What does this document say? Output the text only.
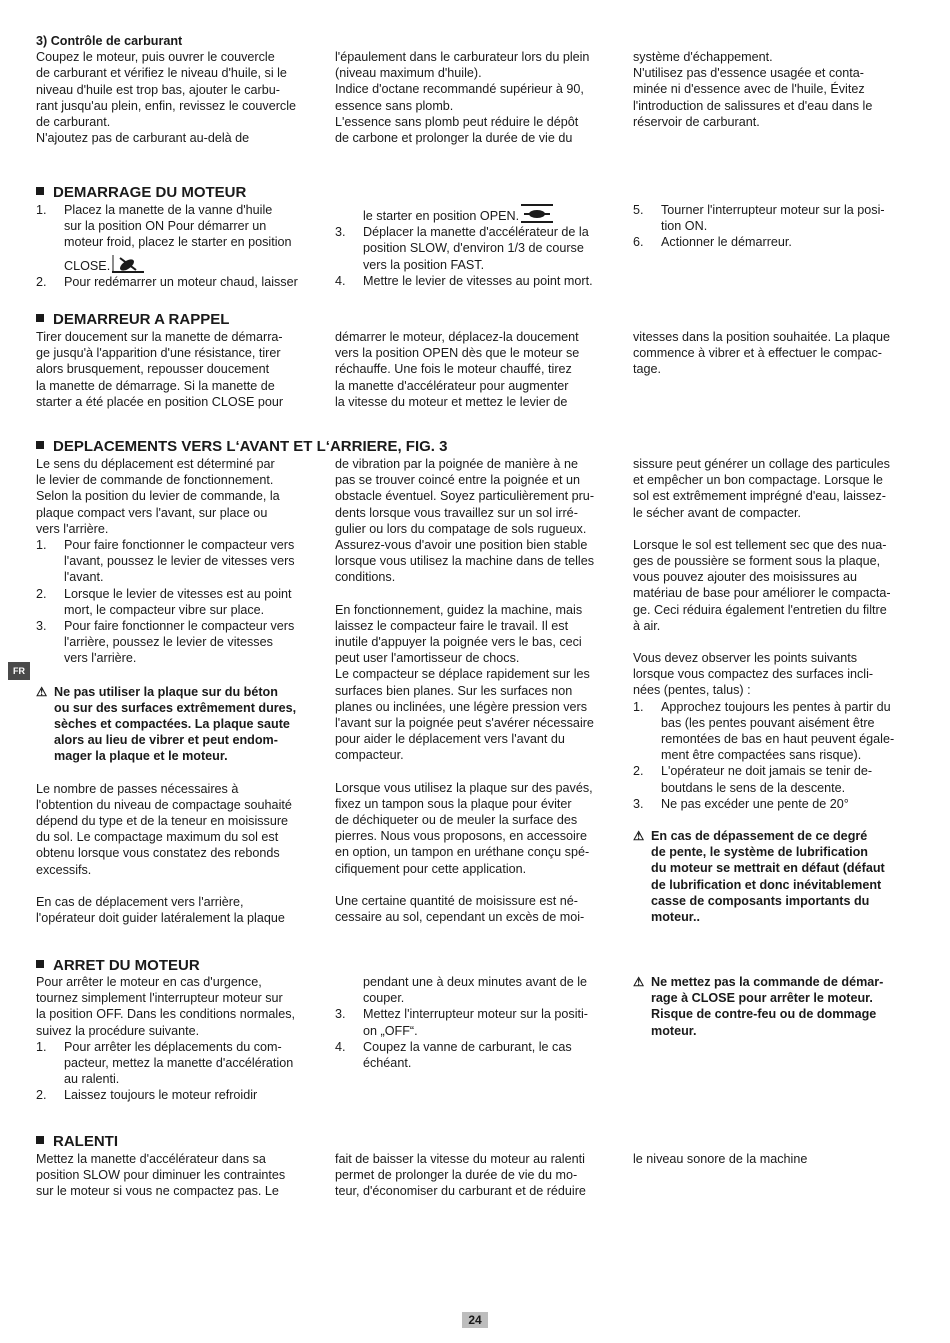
3) Contrôle de carburant

Coupez le moteur, puis ouvrer le couvercle
de carburant et vérifiez le niveau d'huile, si le
niveau d'huile est trop bas, ajouter le carbu-
rant jusqu'au plein, enfin, revissez le couvercle
de carburant.
N'ajoutez pas de carburant au-delà de
l'épaulement dans le carburateur lors du plein
(niveau maximum d'huile).
Indice d'octane recommandé supérieur à 90,
essence sans plomb.
L'essence sans plomb peut réduire le dépôt
de carbone et prolonger la durée de vie du
système d'échappement.
N'utilisez pas d'essence usagée et conta-
minée ni d'essence avec de l'huile, Évitez
l'introduction de salissures et d'eau dans le
réservoir de carburant.
DEMARRAGE DU MOTEUR
1.	Placez la manette de la vanne d'huile
sur la position ON Pour démarrer un
moteur froid, placez le starter en position
CLOSE.
2.	Pour redémarrer un moteur chaud, laisser
le starter en position OPEN.
3.	Déplacer la manette d'accélérateur de la
position SLOW, d'environ 1/3 de course
vers la position FAST.
4.	Mettre le levier de vitesses au point mort.
5.	Tourner l'interrupteur moteur sur la posi-
tion ON.
6.	Actionner le démarreur.
DEMARREUR A RAPPEL
Tirer doucement sur la manette de démarra-
ge jusqu'à l'apparition d'une résistance, tirer
alors brusquement, repousser doucement
la manette de démarrage. Si la manette de
starter a été placée en position CLOSE pour
démarrer le moteur, déplacez-la doucement
vers la position OPEN dès que le moteur se
réchauffe. Une fois le moteur chauffé, tirez
la manette d'accélérateur pour augmenter
la vitesse du moteur et mettez le levier de
vitesses dans la position souhaitée. La plaque
commence à vibrer et à effectuer le compac-
tage.
DEPLACEMENTS VERS L‘AVANT ET L‘ARRIERE, FIG. 3
Le sens du déplacement est déterminé par
le levier de commande de fonctionnement.
Selon la position du levier de commande, la
plaque compact vers l'avant, sur place ou
vers l'arrière.
1.	Pour faire fonctionner le compacteur vers
l'avant, poussez le levier de vitesses vers
l'avant.
2.	Lorsque le levier de vitesses est au point
mort, le compacteur vibre sur place.
3.	Pour faire fonctionner le compacteur vers
l'arrière, poussez le levier de vitesses
vers l'arrière.
⚠ Ne pas utiliser la plaque sur du béton
ou sur des surfaces extrêmement dures,
sèches et compactées. La plaque saute
alors au lieu de vibrer et peut endom-
mager la plaque et le moteur.
Le nombre de passes nécessaires à
l'obtention du niveau de compactage souhaité
dépend du type et de la teneur en moisissure
du sol. Le compactage maximum du sol est
obtenu lorsque vous constatez des rebonds
excessifs.
En cas de déplacement vers l'arrière,
l'opérateur doit guider latéralement la plaque
de vibration par la poignée de manière à ne
pas se trouver coincé entre la poignée et un
obstacle éventuel. Soyez particulièrement pru-
dents lorsque vous travaillez sur un sol irré-
gulier ou lors du compatage de sols rugueux.
Assurez-vous d'avoir une position bien stable
lorsque vous utilisez la machine dans de telles
conditions.
En fonctionnement, guidez la machine, mais
laissez le compacteur faire le travail. Il est
inutile d'appuyer la poignée vers le bas, ceci
peut user l'amortisseur de chocs.
Le compacteur se déplace rapidement sur les
surfaces bien planes. Sur les surfaces non
planes ou inclinées, une légère pression vers
l'avant sur la poignée peut s'avérer nécessaire
pour aider le déplacement vers l'avant du
compacteur.
Lorsque vous utilisez la plaque sur des pavés,
fixez un tampon sous la plaque pour éviter
de déchiqueter ou de meuler la surface des
pierres. Nous vous proposons, en accessoire
en option, un tampon en uréthane conçu spé-
cifiquement pour cette application.
Une certaine quantité de moisissure est né-
cessaire au sol, cependant un excès de moi-
sissure peut générer un collage des particules
et empêcher un bon compactage. Lorsque le
sol est extrêmement imprégné d'eau, laissez-
le sécher avant de compacter.
Lorsque le sol est tellement sec que des nua-
ges de poussière se forment sous la plaque,
vous pouvez ajouter des moisissures au
matériau de base pour améliorer le compacta-
ge. Ceci réduira également l'entretien du filtre
à air.
Vous devez observer les points suivants
lorsque vous compactez des surfaces incli-
nées (pentes, talus) :
1.	Approchez toujours les pentes à partir du
bas (les pentes pouvant aisément être
remontées de bas en haut peuvent égale-
ment être compactées sans risque).
2.	L'opérateur ne doit jamais se tenir de-
boutdans le sens de la descente.
3.	Ne pas excéder une pente de 20°
⚠ En cas de dépassement de ce degré
de pente, le système de lubrification
du moteur se mettrait en défaut (défaut
de lubrification et donc inévitablement
casse de composants importants du
moteur..
FR
ARRET DU MOTEUR
Pour arrêter le moteur en cas d'urgence,
tournez simplement l'interrupteur moteur sur
la position OFF. Dans les conditions normales,
suivez la procédure suivante.
1.	Pour arrêter les déplacements du com-
pacteur, mettez la manette d'accélération
au ralenti.
2.	Laissez toujours le moteur refroidir
pendant une à deux minutes avant de le
couper.
3.	Mettez l'interrupteur moteur sur la positi-
on „OFF“.
4.	Coupez la vanne de carburant, le cas
échéant.
⚠ Ne mettez pas la commande de démar-
rage à CLOSE pour arrêter le moteur.
Risque de contre-feu ou de dommage
moteur.
RALENTI
Mettez la manette d'accélérateur dans sa
position SLOW pour diminuer les contraintes
sur le moteur si vous ne compactez pas. Le
fait de baisser la vitesse du moteur au ralenti
permet de prolonger la durée de vie du mo-
teur, d'économiser du carburant et de réduire
le niveau sonore de la machine
24
